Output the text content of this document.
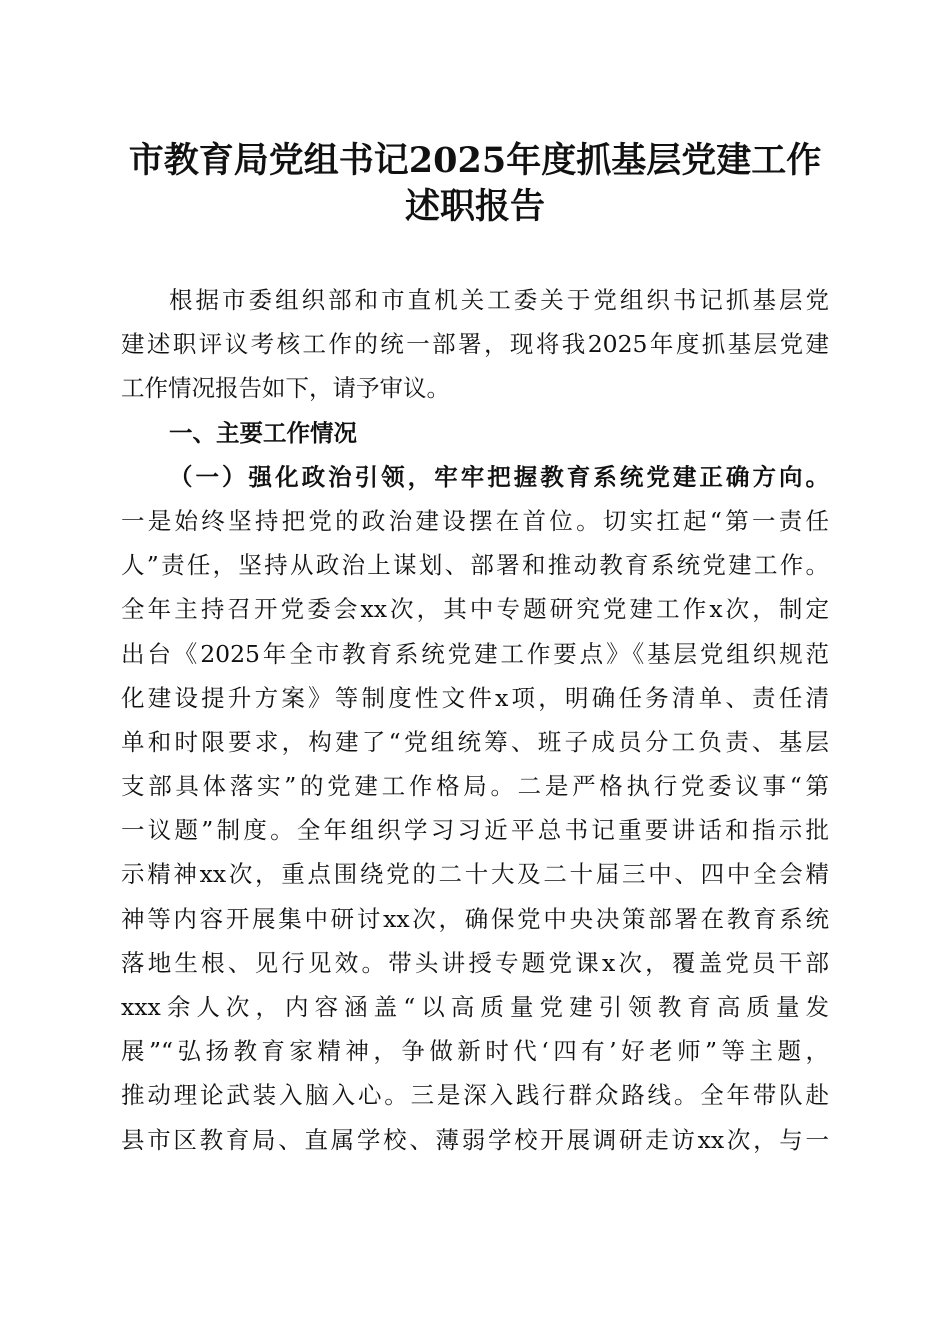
市教育局党组书记2025年度抓基层党建工作
述职报告
根据市委组织部和市直机关工委关于党组织书记抓基层党
建述职评议考核工作的统一部署，现将我2025年度抓基层党建
工作情况报告如下，请予审议。
一、主要工作情况
（一）强化政治引领，牢牢把握教育系统党建正确方向。
一是始终坚持把党的政治建设摆在首位。切实扛起“第一责任
人”责任，坚持从政治上谋划、部署和推动教育系统党建工作。
全年主持召开党委会xx次，其中专题研究党建工作x次，制定
出台《2025年全市教育系统党建工作要点》《基层党组织规范
化建设提升方案》等制度性文件x项，明确任务清单、责任清
单和时限要求，构建了“党组统筹、班子成员分工负责、基层
支部具体落实”的党建工作格局。二是严格执行党委议事“第
一议题”制度。全年组织学习习近平总书记重要讲话和指示批
示精神xx次，重点围绕党的二十大及二十届三中、四中全会精
神等内容开展集中研讨xx次，确保党中央决策部署在教育系统
落地生根、见行见效。带头讲授专题党课x次，覆盖党员干部
xxx余人次，内容涵盖“以高质量党建引领教育高质量发
展”“弘扬教育家精神，争做新时代‘四有’好老师”等主题，
推动理论武装入脑入心。三是深入践行群众路线。全年带队赴
县市区教育局、直属学校、薄弱学校开展调研走访xx次，与一
